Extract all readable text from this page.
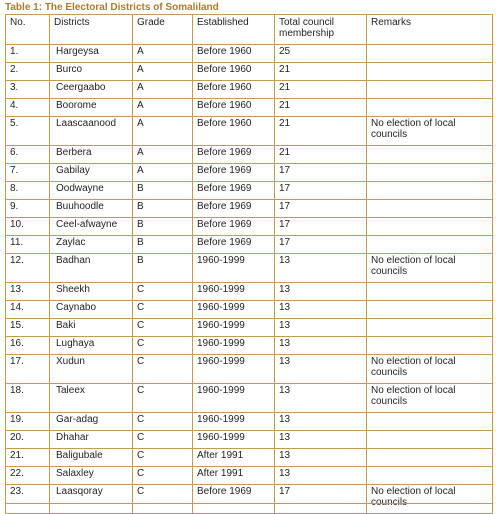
Table 1: The Electoral Districts of Somaliland
No.	Districts	Grade	Established	Total council membership	Remarks
1.	Hargeysa	A	Before 1960	25	
2.	Burco	A	Before 1960	21	
3.	Ceergaabo	A	Before 1960	21	
4.	Boorome	A	Before 1960	21	
5.	Laascaanood	A	Before 1960	21	No election of local councils
6.	Berbera	A	Before 1969	21	
7.	Gabilay	A	Before 1969	17	
8.	Oodwayne	B	Before 1969	17	
9.	Buuhoodle	B	Before 1969	17	
10.	Ceel-afwayne	B	Before 1969	17	
11.	Zaylac	B	Before 1969	17	
12.	Badhan	B	1960-1999	13	No election of local councils
13.	Sheekh	C	1960-1999	13	
14.	Caynabo	C	1960-1999	13	
15.	Baki	C	1960-1999	13	
16.	Lughaya	C	1960-1999	13	
17.	Xudun	C	1960-1999	13	No election of local councils
18.	Taleex	C	1960-1999	13	No election of local councils
19.	Gar-adag	C	1960-1999	13	
20.	Dhahar	C	1960-1999	13	
21.	Baligubale	C	After 1991	13	
22.	Salaxley	C	After 1991	13	
23.	Laasqoray	C	Before 1969	17	No election of local
